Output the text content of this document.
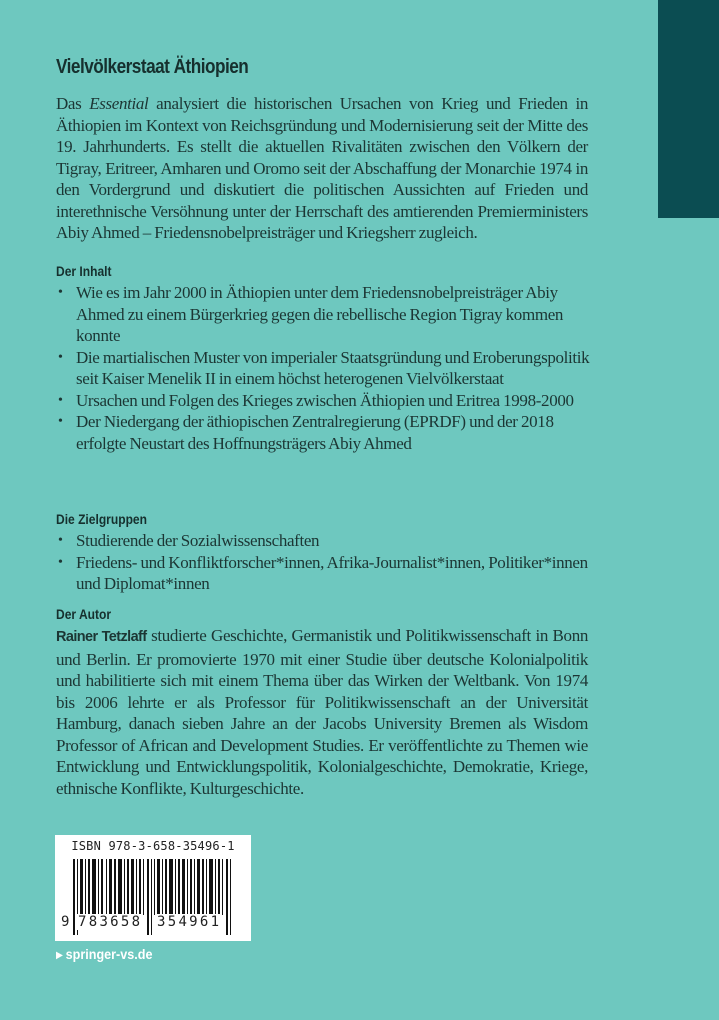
Vielvölkerstaat Äthiopien

Das Essential analysiert die historischen Ursachen von Krieg und Frieden in Äthiopien im Kontext von Reichsgründung und Modernisierung seit der Mitte des 19. Jahrhunderts. Es stellt die aktuellen Rivalitäten zwischen den Völkern der Tigray, Eritreer, Amharen und Oromo seit der Abschaffung der Monarchie 1974 in den Vordergrund und diskutiert die politischen Aussichten auf Frieden und interethnische Versöhnung unter der Herrschaft des amtierenden Premierministers Abiy Ahmed – Friedensnobelpreisträger und Kriegsherr zugleich.

Der Inhalt
• Wie es im Jahr 2000 in Äthiopien unter dem Friedensnobelpreisträger Abiy Ahmed zu einem Bürgerkrieg gegen die rebellische Region Tigray kommen konnte
• Die martialischen Muster von imperialer Staatsgründung und Eroberungspolitik seit Kaiser Menelik II in einem höchst heterogenen Vielvölkerstaat
• Ursachen und Folgen des Krieges zwischen Äthiopien und Eritrea 1998-2000
• Der Niedergang der äthiopischen Zentralregierung (EPRDF) und der 2018 erfolgte Neustart des Hoffnungsträgers Abiy Ahmed
Die Zielgruppen
• Studierende der Sozialwissenschaften
• Friedens- und Konfliktforscher*innen, Afrika-Journalist*innen, Politiker*innen und Diplomat*innen
Der Autor

Rainer Tetzlaff studierte Geschichte, Germanistik und Politikwissenschaft in Bonn und Berlin. Er promovierte 1970 mit einer Studie über deutsche Kolonialpolitik und habilitierte sich mit einem Thema über das Wirken der Weltbank. Von 1974 bis 2006 lehrte er als Professor für Politikwissenschaft an der Universität Hamburg, danach sieben Jahre an der Jacobs University Bremen als Wisdom Professor of African and Development Studies. Er veröffentlichte zu Themen wie Entwicklung und Entwicklungspolitik, Kolonialgeschichte, Demokratie, Kriege, ethnische Konflikte, Kulturgeschichte.

ISBN 978-3-658-35496-1
9 783658 354961
▶ springer-vs.de
